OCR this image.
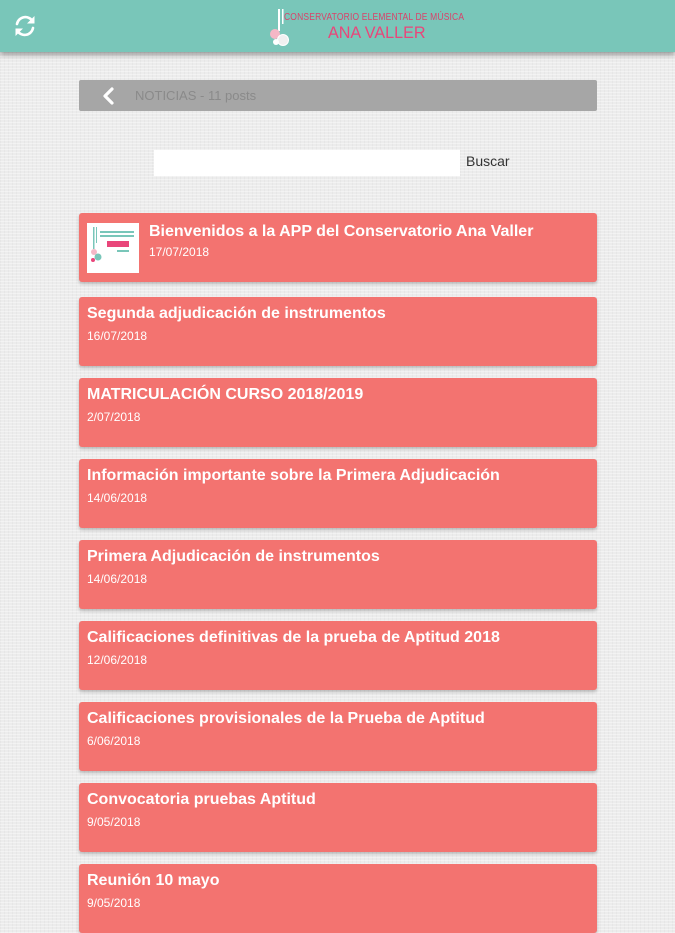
CONSERVATORIO ELEMENTAL DE MÚSICA
ANA VALLER
NOTICIAS - 11 posts
Buscar
Bienvenidos a la APP del Conservatorio Ana Valler
17/07/2018
Segunda adjudicación de instrumentos
16/07/2018
MATRICULACIÓN CURSO 2018/2019
2/07/2018
Información importante sobre la Primera Adjudicación
14/06/2018
Primera Adjudicación de instrumentos
14/06/2018
Calificaciones definitivas de la prueba de Aptitud 2018
12/06/2018
Calificaciones provisionales de la Prueba de Aptitud
6/06/2018
Convocatoria pruebas Aptitud
9/05/2018
Reunión 10 mayo
9/05/2018
